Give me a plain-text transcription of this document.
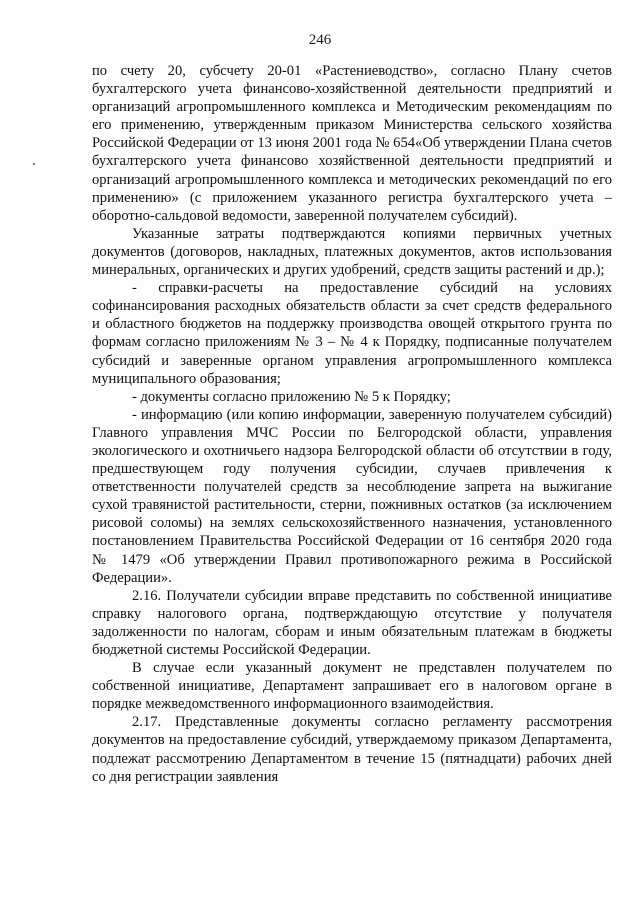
246

по счету 20, субсчету 20-01 «Растениеводство», согласно Плану счетов бухгалтерского учета финансово-хозяйственной деятельности предприятий и организаций агропромышленного комплекса и Методическим рекомендациям по его применению, утвержденным приказом Министерства сельского хозяйства Российской Федерации от 13 июня 2001 года № 654«Об утверждении Плана счетов бухгалтерского учета финансово хозяйственной деятельности предприятий и организаций агропромышленного комплекса и методических рекомендаций по его применению» (с приложением указанного регистра бухгалтерского учета – оборотно-сальдовой ведомости, заверенной получателем субсидий).

Указанные затраты подтверждаются копиями первичных учетных документов (договоров, накладных, платежных документов, актов использования минеральных, органических и других удобрений, средств защиты растений и др.);

- справки-расчеты на предоставление субсидий на условиях софинансирования расходных обязательств области за счет средств федерального и областного бюджетов на поддержку производства овощей открытого грунта по формам согласно приложениям № 3 – № 4 к Порядку, подписанные получателем субсидий и заверенные органом управления агропромышленного комплекса муниципального образования;

- документы согласно приложению № 5 к Порядку;

- информацию (или копию информации, заверенную получателем субсидий) Главного управления МЧС России по Белгородской области, управления экологического и охотничьего надзора Белгородской области об отсутствии в году, предшествующем году получения субсидии, случаев привлечения к ответственности получателей средств за несоблюдение запрета на выжигание сухой травянистой растительности, стерни, пожнивных остатков (за исключением рисовой соломы) на землях сельскохозяйственного назначения, установленного постановлением Правительства Российской Федерации от 16 сентября 2020 года № 1479 «Об утверждении Правил противопожарного режима в Российской Федерации».

2.16. Получатели субсидии вправе представить по собственной инициативе справку налогового органа, подтверждающую отсутствие у получателя задолженности по налогам, сборам и иным обязательным платежам в бюджеты бюджетной системы Российской Федерации.

В случае если указанный документ не представлен получателем по собственной инициативе, Департамент запрашивает его в налоговом органе в порядке межведомственного информационного взаимодействия.

2.17. Представленные документы согласно регламенту рассмотрения документов на предоставление субсидий, утверждаемому приказом Департамента, подлежат рассмотрению Департаментом в течение 15 (пятнадцати) рабочих дней со дня регистрации заявления
